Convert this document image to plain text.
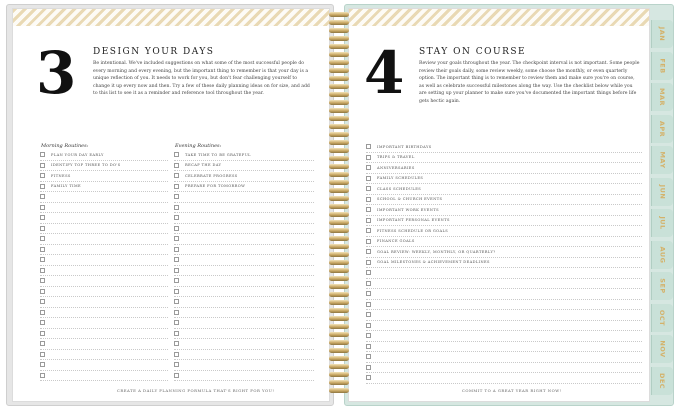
3 DESIGN YOUR DAYS
Be intentional. We've included suggestions on what some of the most successful people do every morning and every evening, but the important thing to remember is that your day is a unique reflection of you. It needs to work for you, but don't fear challenging yourself to change it up every now and then. Try a few of these daily planning ideas on for size, and add to this list to see it as a reminder and reference tool throughout the year.
Morning Routines:	Evening Routines:
PLAN YOUR DAY EARLY
IDENTIFY TOP THREE TO DO'S
FITNESS
FAMILY TIME
TAKE TIME TO BE GRATEFUL
RECAP THE DAY
CELEBRATE PROGRESS
PREPARE FOR TOMORROW
CREATE A DAILY PLANNING FORMULA THAT'S RIGHT FOR YOU!
4 STAY ON COURSE
Review your goals throughout the year. The checkpoint interval is not important. Some people review their goals daily, some review weekly, some choose the monthly, or even quarterly option. The important thing is to remember to review them and make sure you're on course, as well as celebrate successful milestones along the way. Use the checklist below while you are setting up your planner to make sure you've documented the important things before life gets hectic again.
IMPORTANT BIRTHDAYS
TRIPS & TRAVEL
ANNIVERSARIES
FAMILY SCHEDULES
CLASS SCHEDULES
SCHOOL & CHURCH EVENTS
IMPORTANT WORK EVENTS
IMPORTANT PERSONAL EVENTS
FITNESS SCHEDULE OR GOALS
FINANCE GOALS
GOAL REVIEW: WEEKLY, MONTHLY, OR QUARTERLY?
GOAL MILESTONES & ACHIEVEMENT DEADLINES
COMMIT TO A GREAT YEAR RIGHT NOW!
JAN
FEB
MAR
APR
MAY
JUN
JUL
AUG
SEP
OCT
NOV
DEC
